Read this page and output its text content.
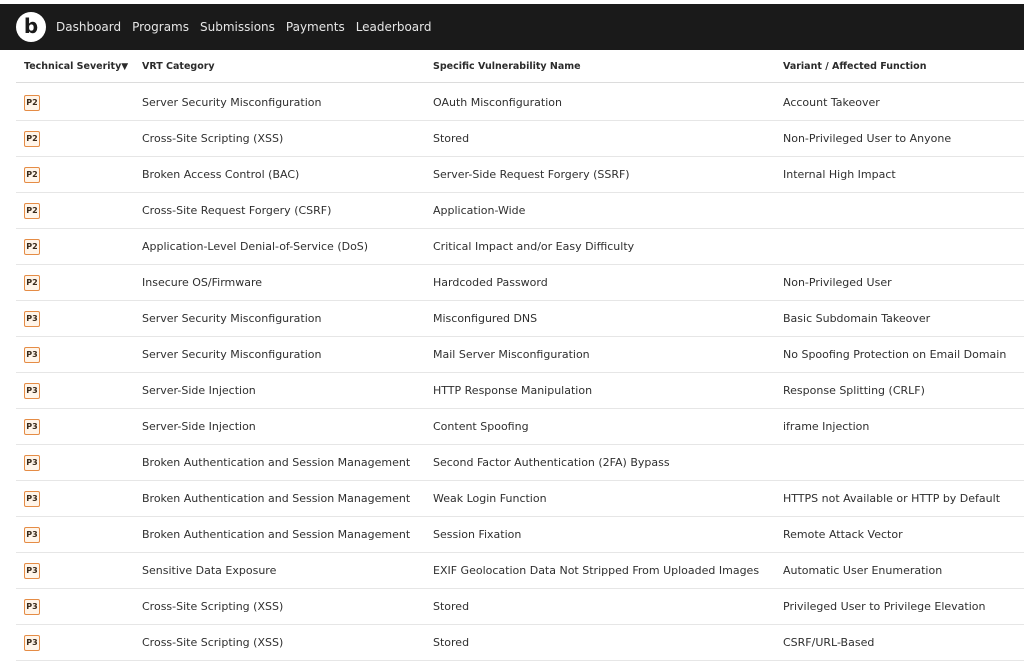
b Dashboard Programs Submissions Payments Leaderboard
Technical Severity▼	VRT Category	Specific Vulnerability Name	Variant / Affected Function
P2	Server Security Misconfiguration	OAuth Misconfiguration	Account Takeover
P2	Cross-Site Scripting (XSS)	Stored	Non-Privileged User to Anyone
P2	Broken Access Control (BAC)	Server-Side Request Forgery (SSRF)	Internal High Impact
P2	Cross-Site Request Forgery (CSRF)	Application-Wide
P2	Application-Level Denial-of-Service (DoS)	Critical Impact and/or Easy Difficulty
P2	Insecure OS/Firmware	Hardcoded Password	Non-Privileged User
P3	Server Security Misconfiguration	Misconfigured DNS	Basic Subdomain Takeover
P3	Server Security Misconfiguration	Mail Server Misconfiguration	No Spoofing Protection on Email Domain
P3	Server-Side Injection	HTTP Response Manipulation	Response Splitting (CRLF)
P3	Server-Side Injection	Content Spoofing	iframe Injection
P3	Broken Authentication and Session Management	Second Factor Authentication (2FA) Bypass
P3	Broken Authentication and Session Management	Weak Login Function	HTTPS not Available or HTTP by Default
P3	Broken Authentication and Session Management	Session Fixation	Remote Attack Vector
P3	Sensitive Data Exposure	EXIF Geolocation Data Not Stripped From Uploaded Images	Automatic User Enumeration
P3	Cross-Site Scripting (XSS)	Stored	Privileged User to Privilege Elevation
P3	Cross-Site Scripting (XSS)	Stored	CSRF/URL-Based
